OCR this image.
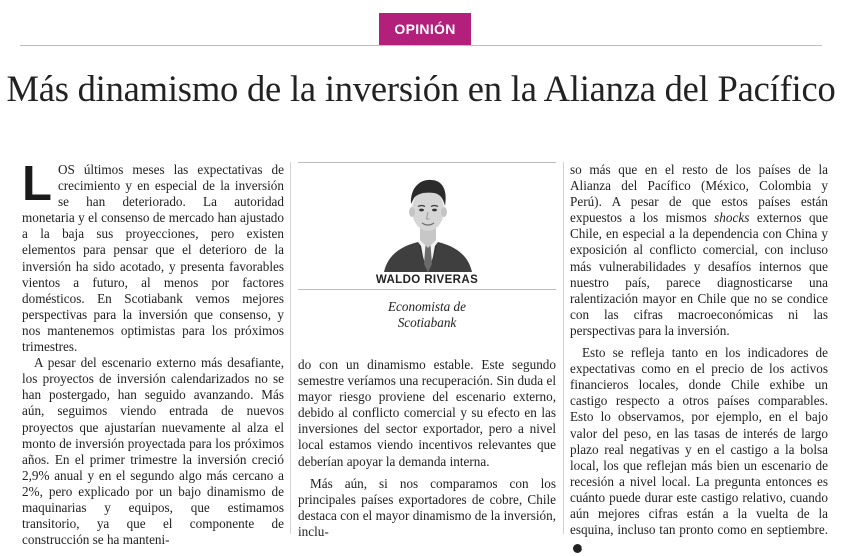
OPINIÓN
Más dinamismo de la inversión en la Alianza del Pacífico

LOS últimos meses las expectativas de crecimiento y en especial de la inversión se han deteriorado. La autoridad monetaria y el consenso de mercado han ajustado a la baja sus proyecciones, pero existen elementos para pensar que el deterioro de la inversión ha sido acotado, y presenta favorables vientos a futuro, al menos por factores domésticos. En Scotiabank vemos mejores perspectivas para la inversión que consenso, y nos mantenemos optimistas para los próximos trimestres.

A pesar del escenario externo más desafiante, los proyectos de inversión calendarizados no se han postergado, han seguido avanzando. Más aún, seguimos viendo entrada de nuevos proyectos que ajustarían nuevamente al alza el monto de inversión proyectada para los próximos años. En el primer trimestre la inversión creció 2,9% anual y en el segundo algo más cercano a 2%, pero explicado por un bajo dinamismo de maquinarias y equipos, que estimamos transitorio, ya que el componente de construcción se ha manteni-

WALDO RIVERAS
Economista de
Scotiabank

do con un dinamismo estable. Este segundo semestre veríamos una recuperación. Sin duda el mayor riesgo proviene del escenario externo, debido al conflicto comercial y su efecto en las inversiones del sector exportador, pero a nivel local estamos viendo incentivos relevantes que deberían apoyar la demanda interna.

Más aún, si nos comparamos con los principales países exportadores de cobre, Chile destaca con el mayor dinamismo de la inversión, inclu-

so más que en el resto de los países de la Alianza del Pacífico (México, Colombia y Perú). A pesar de que estos países están expuestos a los mismos shocks externos que Chile, en especial a la dependencia con China y exposición al conflicto comercial, con incluso más vulnerabilidades y desafíos internos que nuestro país, parece diagnosticarse una ralentización mayor en Chile que no se condice con las cifras macroeconómicas ni las perspectivas para la inversión.

Esto se refleja tanto en los indicadores de expectativas como en el precio de los activos financieros locales, donde Chile exhibe un castigo respecto a otros países comparables. Esto lo observamos, por ejemplo, en el bajo valor del peso, en las tasas de interés de largo plazo real negativas y en el castigo a la bolsa local, los que reflejan más bien un escenario de recesión a nivel local. La pregunta entonces es cuánto puede durar este castigo relativo, cuando aún mejores cifras están a la vuelta de la esquina, incluso tan pronto como en septiembre.P
